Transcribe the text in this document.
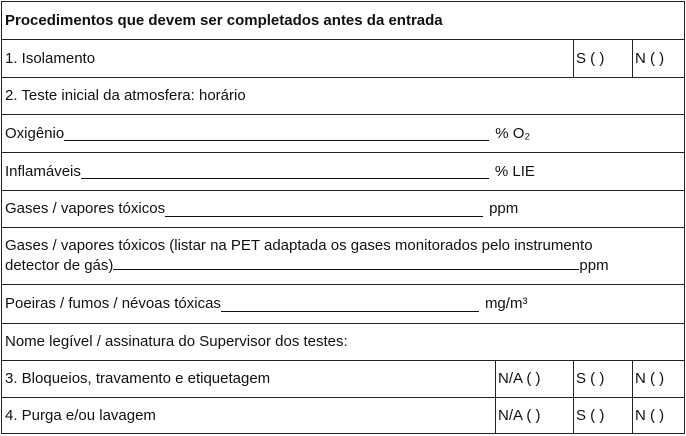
Procedimentos que devem ser completados antes da entrada
1. Isolamento	S ( )	N ( )
2. Teste inicial da atmosfera: horário
Oxigênio	% O₂
Inflamáveis	% LIE
Gases / vapores tóxicos	ppm
Gases / vapores tóxicos (listar na PET adaptada os gases monitorados pelo instrumento
detector de gás)	ppm
Poeiras / fumos / névoas tóxicas	mg/m³
Nome legível / assinatura do Supervisor dos testes:
3. Bloqueios, travamento e etiquetagem	N/A ( )	S ( )	N ( )
4. Purga e/ou lavagem	N/A ( )	S ( )	N ( )
